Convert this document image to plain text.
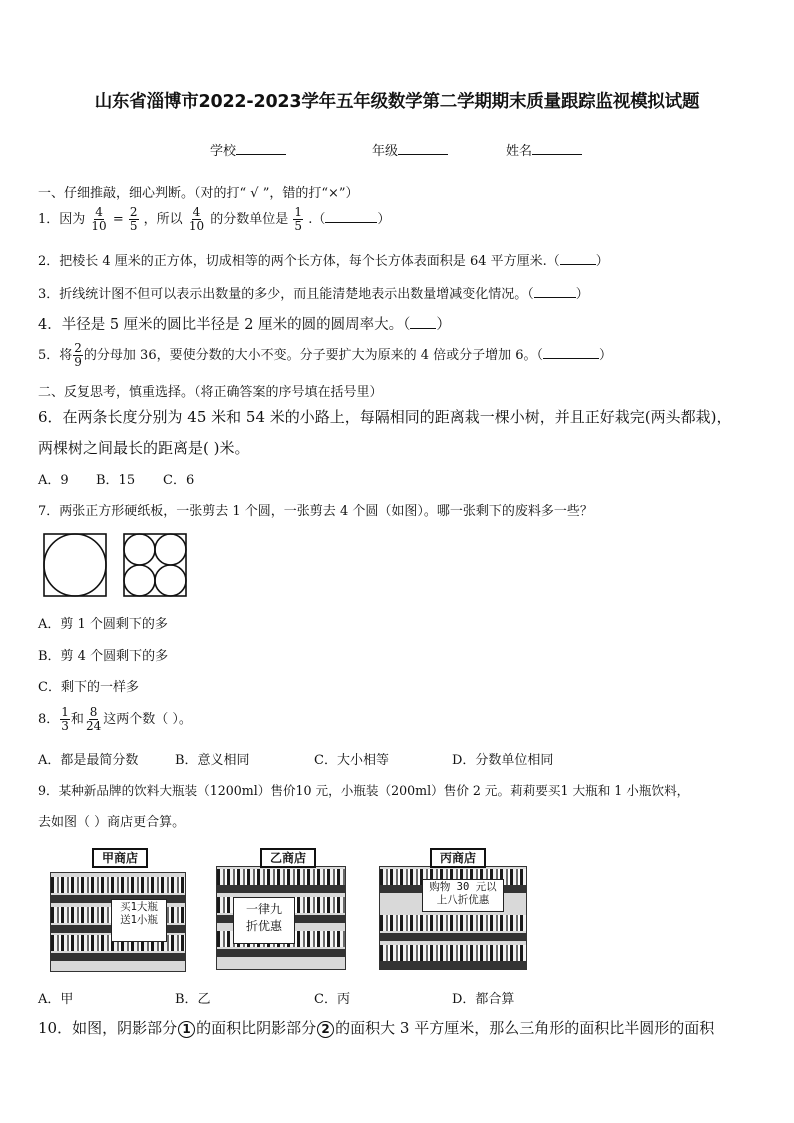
山东省淄博市2022-2023学年五年级数学第二学期期末质量跟踪监视模拟试题
学校	年级	姓名
一、仔细推敲，细心判断。（对的打“ √ ”，错的打“×”）
1．因为 $\frac{4}{10} = \frac{2}{5}$ ，所以 $\frac{4}{10}$ 的分数单位是 $\frac{1}{5}$ .（	）
2．把棱长 4 厘米的正方体，切成相等的两个长方体，每个长方体表面积是 64 平方厘米.（	）
3．折线统计图不但可以表示出数量的多少，而且能清楚地表示出数量增减变化情况。（	）
4．半径是 5 厘米的圆比半径是 2 厘米的圆的圆周率大。（ ）
5．将 $\frac{2}{9}$ 的分母加 36，要使分数的大小不变。分子要扩大为原来的 4 倍或分子增加 6。（	）
二、反复思考，慎重选择。（将正确答案的序号填在括号里）
6．在两条长度分别为 45 米和 54 米的小路上，每隔相同的距离栽一棵小树，并且正好栽完(两头都栽)，
两棵树之间最长的距离是( )米。
A．9 B．15 C．6
7．两张正方形硬纸板，一张剪去 1 个圆，一张剪去 4 个圆（如图）。哪一张剩下的废料多一些？
A．剪 1 个圆剩下的多
B．剪 4 个圆剩下的多
C．剩下的一样多
8． $\frac{1}{3}$ 和 $\frac{8}{24}$ 这两个数（ ）。
A．都是最简分数	B．意义相同	C．大小相等	D．分数单位相同
9．某种新品牌的饮料大瓶装（1200ml）售价10 元，小瓶装（200ml）售价 2 元。莉莉要买1 大瓶和 1 小瓶饮料，
去如图（ ）商店更合算。
买1大瓶
送1小瓶
甲商店
一律九
折优惠
乙商店
购物 30 元以
上八折优惠
丙商店
A．甲	B．乙	C．丙	D．都合算
10．如图，阴影部分 1 的面积比阴影部分 2 的面积大 3 平方厘米，那么三角形的面积比半圆形的面积
